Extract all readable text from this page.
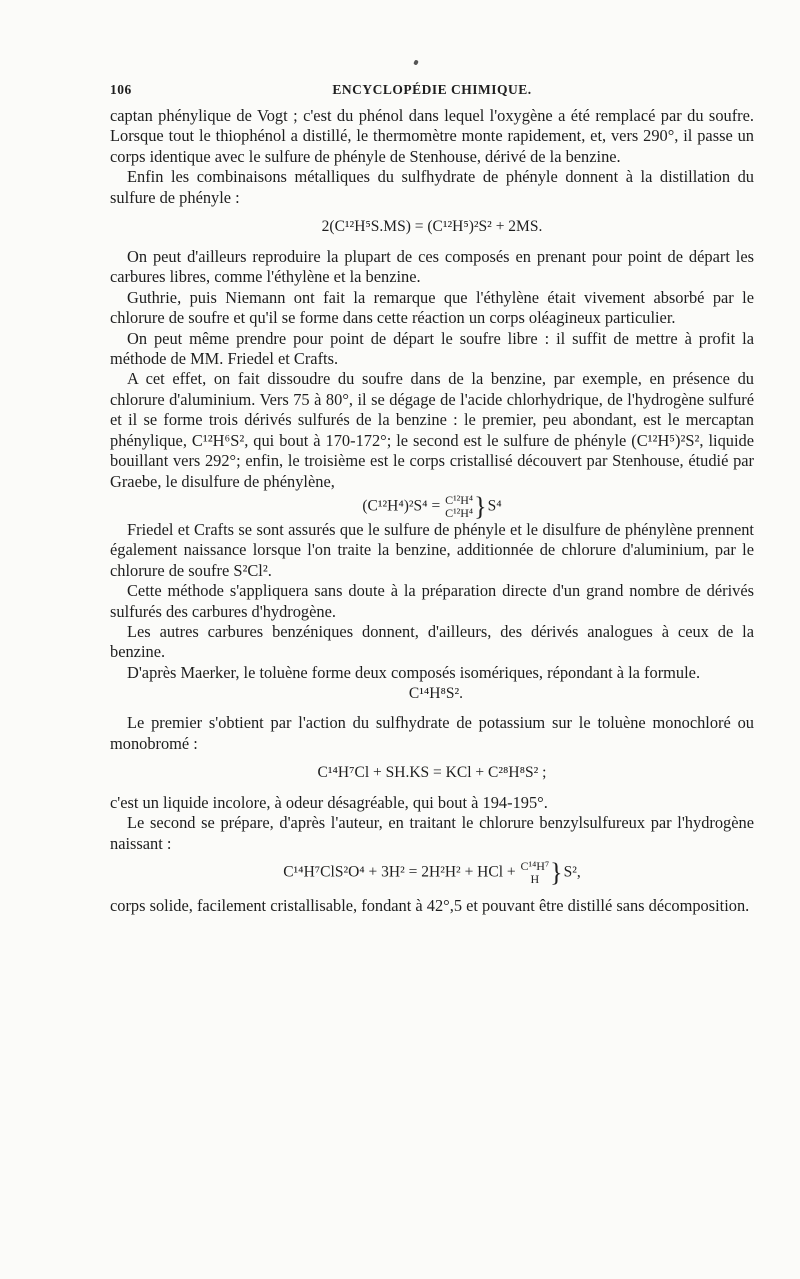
106	ENCYCLOPÉDIE CHIMIQUE.

captan phénylique de Vogt ; c'est du phénol dans lequel l'oxygène a été remplacé par du soufre. Lorsque tout le thiophénol a distillé, le thermomètre monte rapidement, et, vers 290°, il passe un corps identique avec le sulfure de phényle de Stenhouse, dérivé de la benzine.

Enfin les combinaisons métalliques du sulfhydrate de phényle donnent à la distillation du sulfure de phényle :

2(C¹²H⁵S.MS) = (C¹²H⁵)²S² + 2MS.

On peut d'ailleurs reproduire la plupart de ces composés en prenant pour point de départ les carbures libres, comme l'éthylène et la benzine.

Guthrie, puis Niemann ont fait la remarque que l'éthylène était vivement absorbé par le chlorure de soufre et qu'il se forme dans cette réaction un corps oléagineux particulier.

On peut même prendre pour point de départ le soufre libre : il suffit de mettre à profit la méthode de MM. Friedel et Crafts.

A cet effet, on fait dissoudre du soufre dans de la benzine, par exemple, en présence du chlorure d'aluminium. Vers 75 à 80°, il se dégage de l'acide chlorhydrique, de l'hydrogène sulfuré et il se forme trois dérivés sulfurés de la benzine : le premier, peu abondant, est le mercaptan phénylique, C¹²H⁶S², qui bout à 170-172°; le second est le sulfure de phényle (C¹²H⁵)²S², liquide bouillant vers 292°; enfin, le troisième est le corps cristallisé découvert par Stenhouse, étudié par Graebe, le disulfure de phénylène,

(C¹²H⁴)²S⁴ = C¹²H⁴
C¹²H⁴ }S⁴

Friedel et Crafts se sont assurés que le sulfure de phényle et le disulfure de phénylène prennent également naissance lorsque l'on traite la benzine, additionnée de chlorure d'aluminium, par le chlorure de soufre S²Cl².

Cette méthode s'appliquera sans doute à la préparation directe d'un grand nombre de dérivés sulfurés des carbures d'hydrogène.

Les autres carbures benzéniques donnent, d'ailleurs, des dérivés analogues à ceux de la benzine.

D'après Maerker, le toluène forme deux composés isomériques, répondant à la formule.

C¹⁴H⁸S².

Le premier s'obtient par l'action du sulfhydrate de potassium sur le toluène monochloré ou monobromé :

C¹⁴H⁷Cl + SH.KS = KCl + C²⁸H⁸S² ;

c'est un liquide incolore, à odeur désagréable, qui bout à 194-195°.

Le second se prépare, d'après l'auteur, en traitant le chlorure benzylsulfureux par l'hydrogène naissant :

C¹⁴H⁷ClS²O⁴ + 3H² = 2H²H² + HCl + C¹⁴H⁷
H }S²,

corps solide, facilement cristallisable, fondant à 42°,5 et pouvant être distillé sans décomposition.
